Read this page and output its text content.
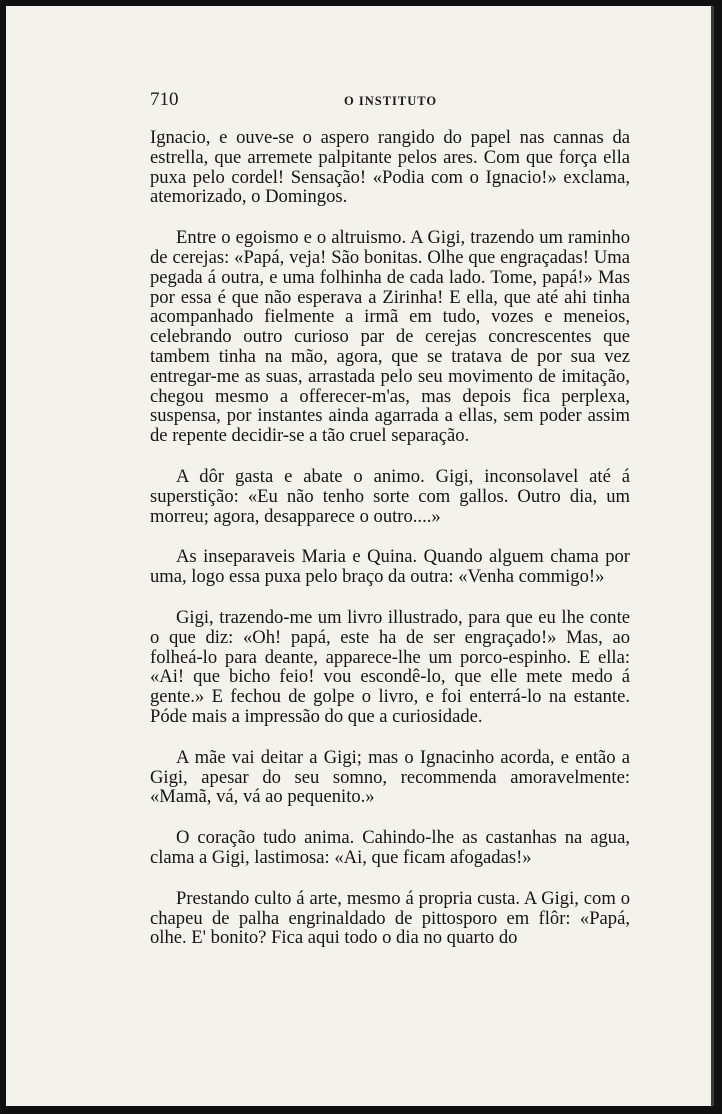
710	O INSTITUTO

Ignacio, e ouve-se o aspero rangido do papel nas cannas da estrella, que arremete palpitante pelos ares. Com que força ella puxa pelo cordel! Sensação! «Podia com o Ignacio!» exclama, atemorizado, o Domingos.

Entre o egoismo e o altruismo. A Gigi, trazendo um raminho de cerejas: «Papá, veja! São bonitas. Olhe que engraçadas! Uma pegada á outra, e uma folhinha de cada lado. Tome, papá!» Mas por essa é que não esperava a Zirinha! E ella, que até ahi tinha acompanhado fielmente a irmã em tudo, vozes e meneios, celebrando outro curioso par de cerejas concrescentes que tambem tinha na mão, agora, que se tratava de por sua vez entregar-me as suas, arrastada pelo seu movimento de imitação, chegou mesmo a offerecer-m'as, mas depois fica perplexa, suspensa, por instantes ainda agarrada a ellas, sem poder assim de repente decidir-se a tão cruel separação.

A dôr gasta e abate o animo. Gigi, inconsolavel até á superstição: «Eu não tenho sorte com gallos. Outro dia, um morreu; agora, desapparece o outro....»

As inseparaveis Maria e Quina. Quando alguem chama por uma, logo essa puxa pelo braço da outra: «Venha commigo!»

Gigi, trazendo-me um livro illustrado, para que eu lhe conte o que diz: «Oh! papá, este ha de ser engraçado!» Mas, ao folheá-lo para deante, apparece-lhe um porco-espinho. E ella: «Ai! que bicho feio! vou escondê-lo, que elle mete medo á gente.» E fechou de golpe o livro, e foi enterrá-lo na estante. Póde mais a impressão do que a curiosidade.

A mãe vai deitar a Gigi; mas o Ignacinho acorda, e então a Gigi, apesar do seu somno, recommenda amoravelmente: «Mamã, vá, vá ao pequenito.»

O coração tudo anima. Cahindo-lhe as castanhas na agua, clama a Gigi, lastimosa: «Ai, que ficam afogadas!»

Prestando culto á arte, mesmo á propria custa. A Gigi, com o chapeu de palha engrinaldado de pittosporo em flôr: «Papá, olhe. E' bonito? Fica aqui todo o dia no quarto do
